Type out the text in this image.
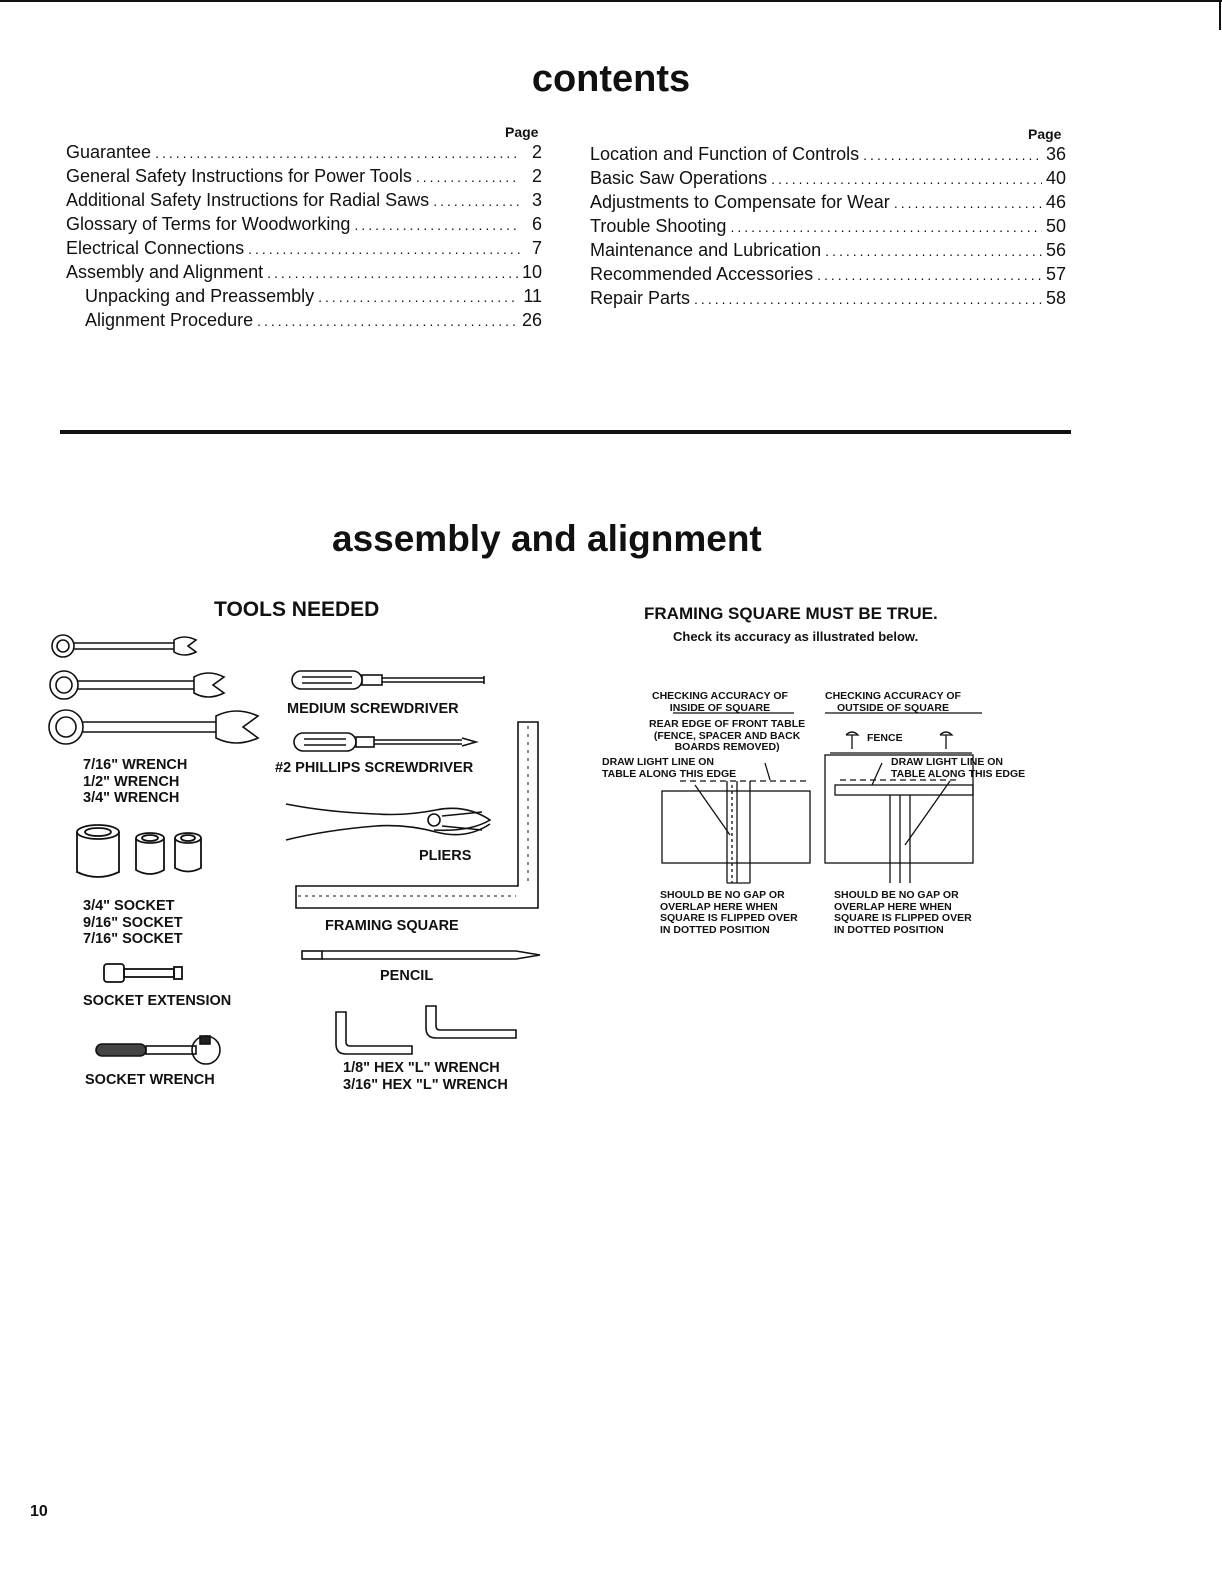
contents
Page	Page
Guarantee .....	2
General Safety Instructions for Power Tools .....	2
Additional Safety Instructions for Radial Saws .....	3
Glossary of Terms for Woodworking .....	6
Electrical Connections .....	7
Assembly and Alignment .....	10
Unpacking and Preassembly .....	11
Alignment Procedure .....	26
Location and Function of Controls .....	36
Basic Saw Operations .....	40
Adjustments to Compensate for Wear .....	46
Trouble Shooting .....	50
Maintenance and Lubrication .....	56
Recommended Accessories .....	57
Repair Parts .....	58
assembly and alignment
TOOLS NEEDED
7/16" WRENCH
1/2" WRENCH
3/4" WRENCH
3/4" SOCKET
9/16" SOCKET
7/16" SOCKET
SOCKET EXTENSION
SOCKET WRENCH
MEDIUM SCREWDRIVER
#2 PHILLIPS SCREWDRIVER
PLIERS
FRAMING SQUARE
PENCIL
1/8" HEX "L" WRENCH
3/16" HEX "L" WRENCH
FRAMING SQUARE MUST BE TRUE.
Check its accuracy as illustrated below.
CHECKING ACCURACY OF
INSIDE OF SQUARE
CHECKING ACCURACY OF
OUTSIDE OF SQUARE
REAR EDGE OF FRONT TABLE
(FENCE, SPACER AND BACK
BOARDS REMOVED)
FENCE
DRAW LIGHT LINE ON
TABLE ALONG THIS EDGE
DRAW LIGHT LINE ON
TABLE ALONG THIS EDGE
SHOULD BE NO GAP OR
OVERLAP HERE WHEN
SQUARE IS FLIPPED OVER
IN DOTTED POSITION
SHOULD BE NO GAP OR
OVERLAP HERE WHEN
SQUARE IS FLIPPED OVER
IN DOTTED POSITION
10
